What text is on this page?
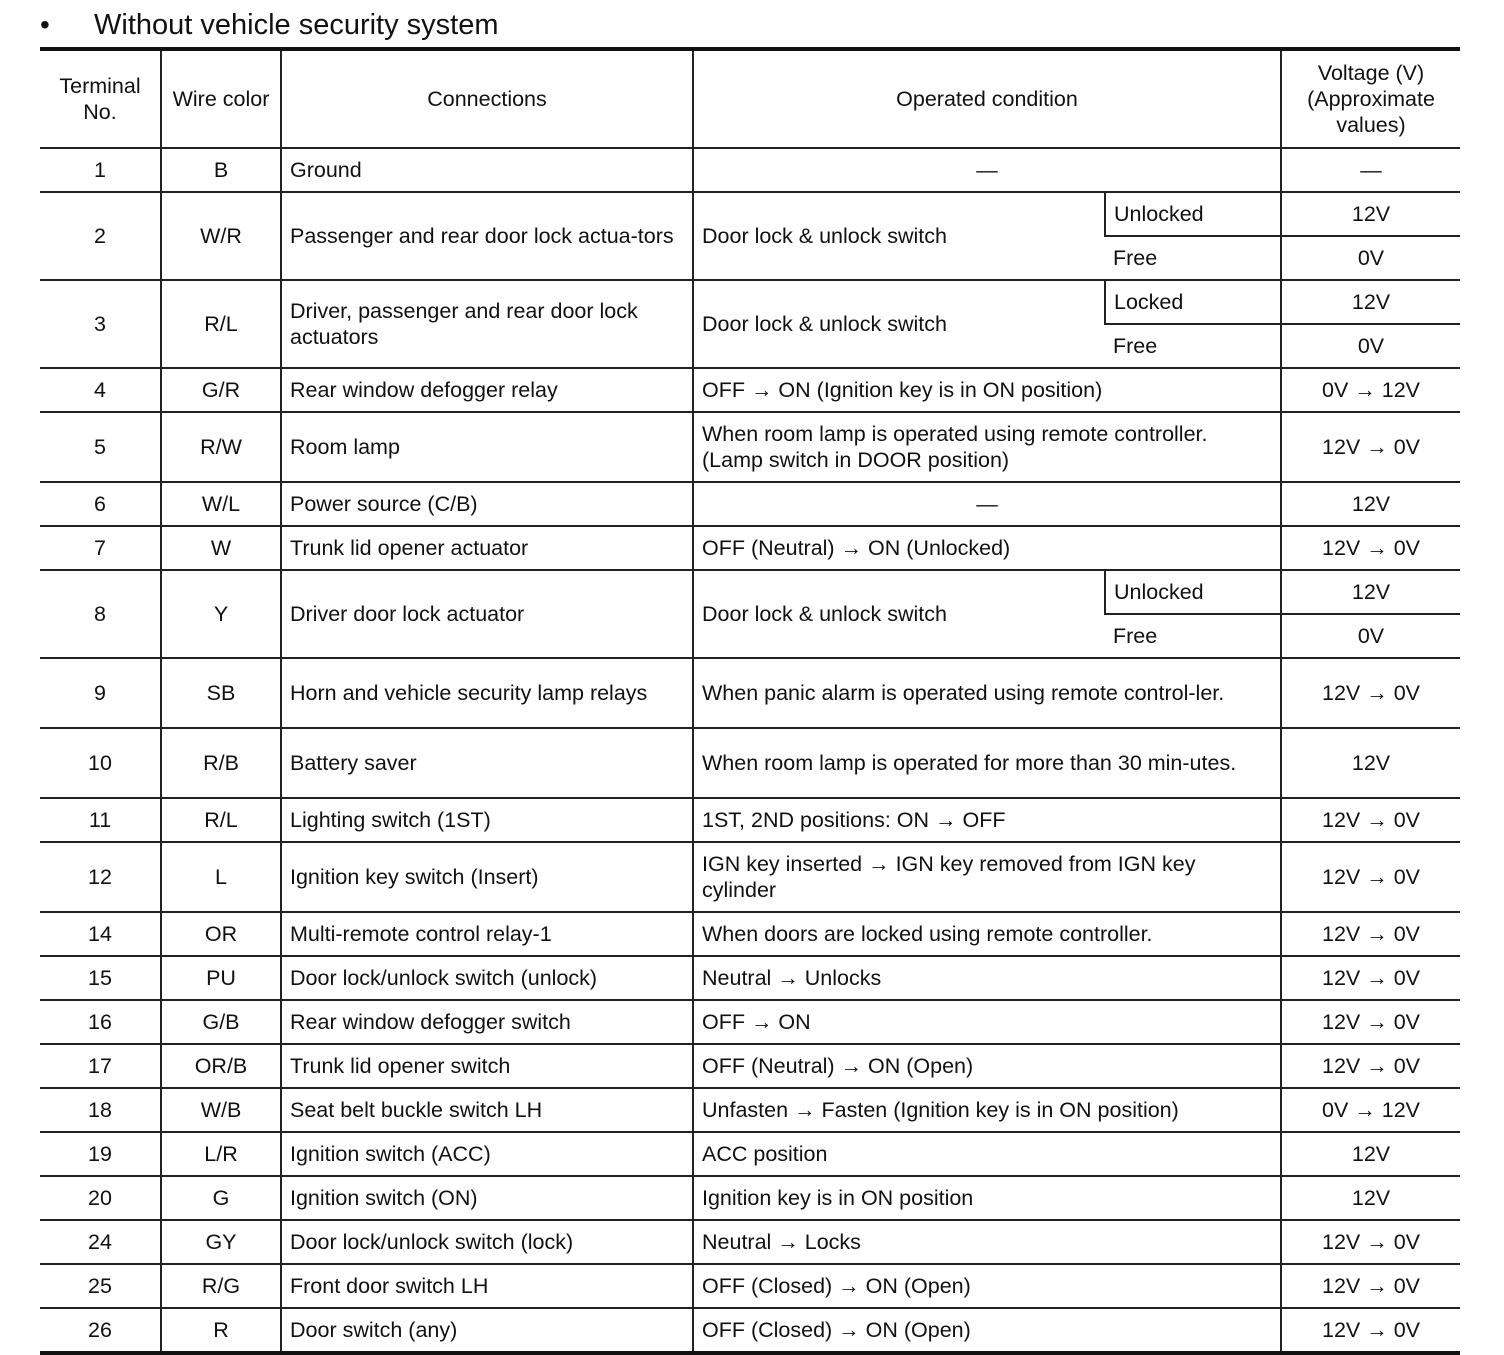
•	Without vehicle security system
Terminal No.	Wire color	Connections	Operated condition		Voltage (V) (Approximate values)
1	B	Ground	—		—
2	W/R	Passenger and rear door lock actua-tors	Door lock & unlock switch	Unlocked	12V
				Free	0V
3	R/L	Driver, passenger and rear door lock actuators	Door lock & unlock switch	Locked	12V
				Free	0V
4	G/R	Rear window defogger relay	OFF → ON (Ignition key is in ON position)		0V → 12V
5	R/W	Room lamp	When room lamp is operated using remote controller. (Lamp switch in DOOR position)		12V → 0V
6	W/L	Power source (C/B)	—		12V
7	W	Trunk lid opener actuator	OFF (Neutral) → ON (Unlocked)		12V → 0V
8	Y	Driver door lock actuator	Door lock & unlock switch	Unlocked	12V
				Free	0V
9	SB	Horn and vehicle security lamp relays	When panic alarm is operated using remote control-ler.		12V → 0V
10	R/B	Battery saver	When room lamp is operated for more than 30 min-utes.		12V
11	R/L	Lighting switch (1ST)	1ST, 2ND positions: ON → OFF		12V → 0V
12	L	Ignition key switch (Insert)	IGN key inserted → IGN key removed from IGN key cylinder		12V → 0V
14	OR	Multi-remote control relay-1	When doors are locked using remote controller.		12V → 0V
15	PU	Door lock/unlock switch (unlock)	Neutral → Unlocks		12V → 0V
16	G/B	Rear window defogger switch	OFF → ON		12V → 0V
17	OR/B	Trunk lid opener switch	OFF (Neutral) → ON (Open)		12V → 0V
18	W/B	Seat belt buckle switch LH	Unfasten → Fasten (Ignition key is in ON position)		0V → 12V
19	L/R	Ignition switch (ACC)	ACC position		12V
20	G	Ignition switch (ON)	Ignition key is in ON position		12V
24	GY	Door lock/unlock switch (lock)	Neutral → Locks		12V → 0V
25	R/G	Front door switch LH	OFF (Closed) → ON (Open)		12V → 0V
26	R	Door switch (any)	OFF (Closed) → ON (Open)		12V → 0V
